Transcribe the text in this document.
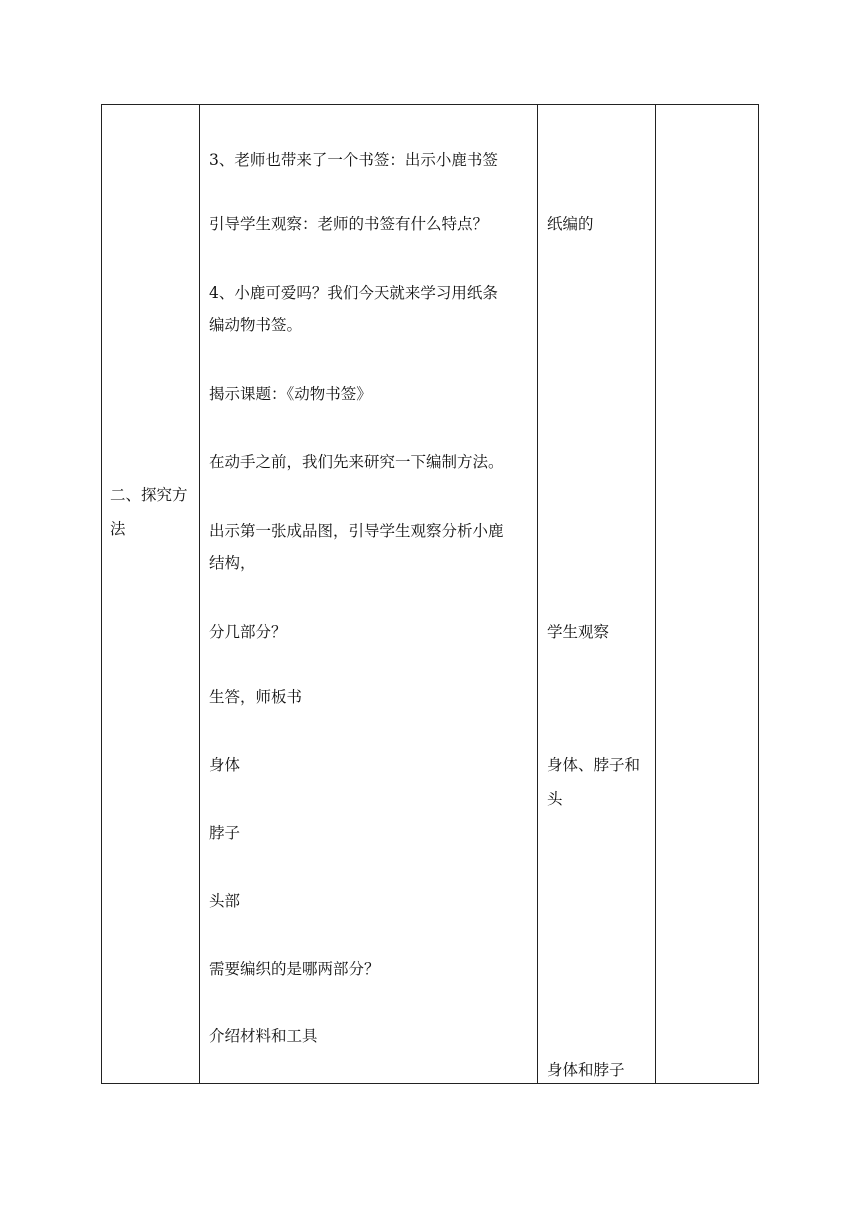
二、探究方
法
3、老师也带来了一个书签：出示小鹿书签
引导学生观察：老师的书签有什么特点？
4、小鹿可爱吗？我们今天就来学习用纸条
编动物书签。
揭示课题：《动物书签》
在动手之前，我们先来研究一下编制方法。
出示第一张成品图，引导学生观察分析小鹿
结构，
分几部分？
生答，师板书
身体
脖子
头部
需要编织的是哪两部分？
介绍材料和工具
纸编的
学生观察
身体、脖子和
头
身体和脖子
